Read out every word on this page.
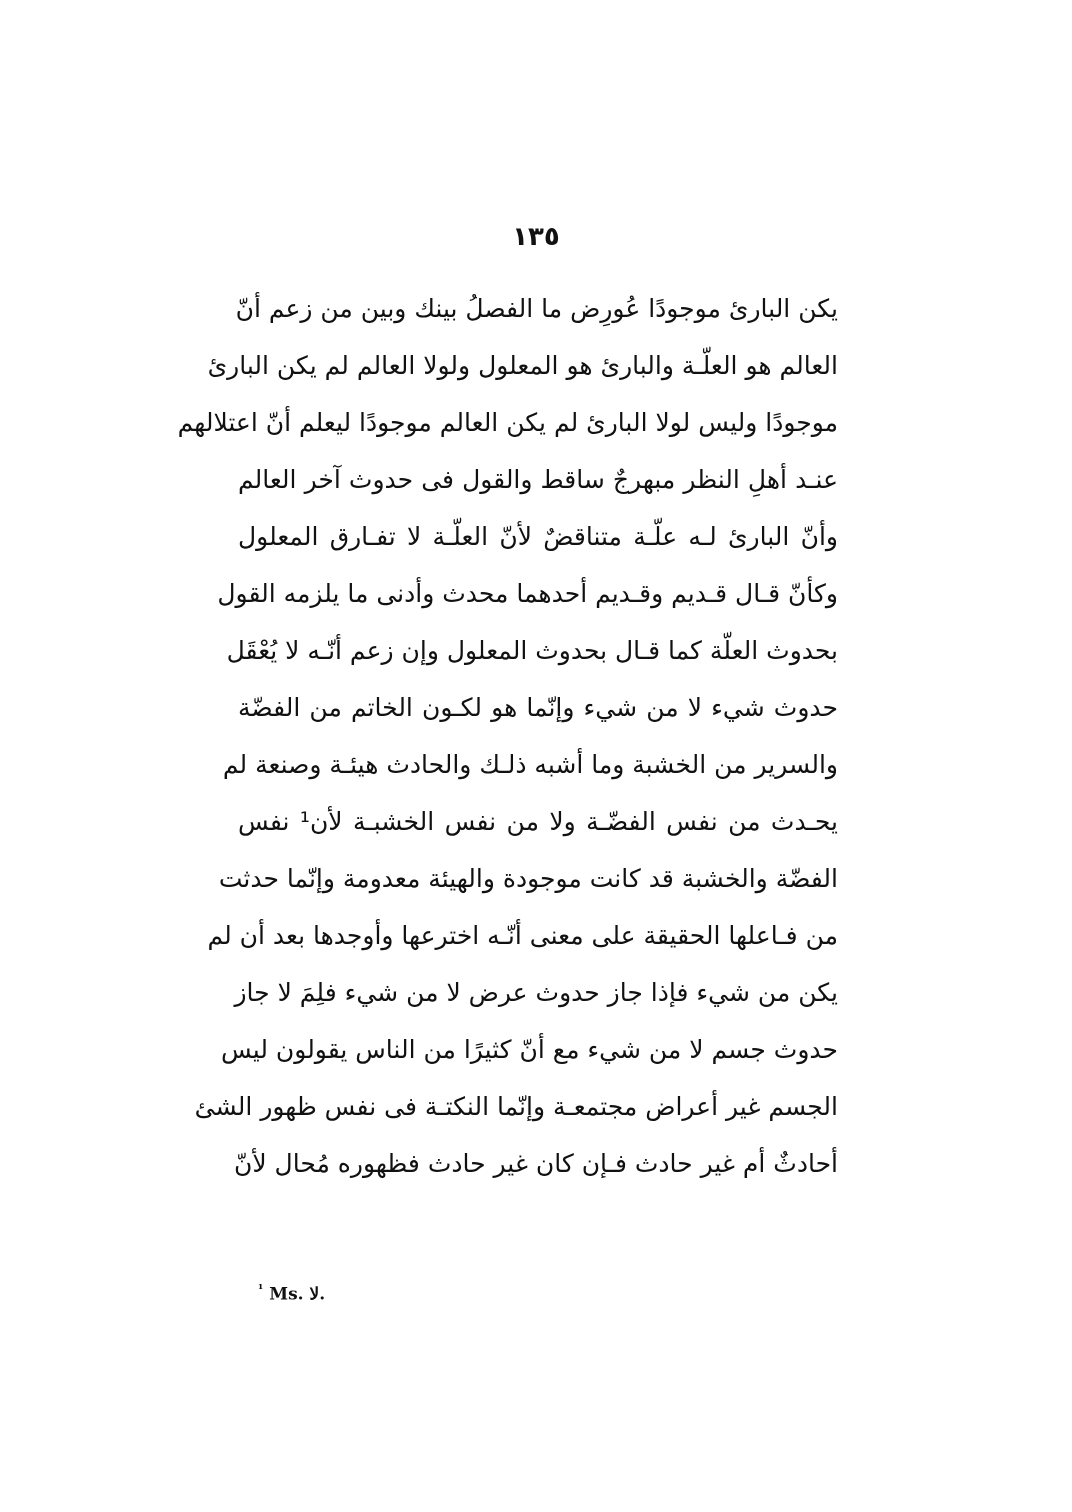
١٣٥
يكن البارئ موجودًا عُورِض ما الفصلُ بينك وبين من زعم أنّ
العالم هو العلّـة والبارئ هو المعلول ولولا العالم لم يكن البارئ
موجودًا وليس لولا البارئ لم يكن العالم موجودًا ليعلم أنّ اعتلالهم
عنـد أهلِ النظر مبهرجٌ ساقط والقول فى حدوث آخر العالم
وأنّ البارئ لـه علّـة متناقضٌ لأنّ العلّـة لا تفـارق المعلول
وكأنّ قـال قـديم وقـديم أحدهما محدث وأدنى ما يلزمه القول
بحدوث العلّة كما قـال بحدوث المعلول وإن زعم أنّـه لا يُعْقَل
حدوث شيء لا من شيء وإنّما هو لكـون الخاتم من الفضّة
والسرير من الخشبة وما أشبه ذلـك والحادث هيئـة وصنعة لم
يحـدث من نفس الفضّـة ولا من نفس الخشبـة لأن¹ نفس
الفضّة والخشبة قد كانت موجودة والهيئة معدومة وإنّما حدثت
من فـاعلها الحقيقة على معنى أنّـه اخترعها وأوجدها بعد أن لم
يكن من شيء فإذا جاز حدوث عرض لا من شيء فلِمَ لا جاز
حدوث جسم لا من شيء مع أنّ كثيرًا من الناس يقولون ليس
الجسم غير أعراض مجتمعـة وإنّما النكتـة فى نفس ظهور الشئ
أحادثٌ أم غير حادث فـإن كان غير حادث فظهوره مُحال لأنّ
$^{^1}$ Ms. لا.
